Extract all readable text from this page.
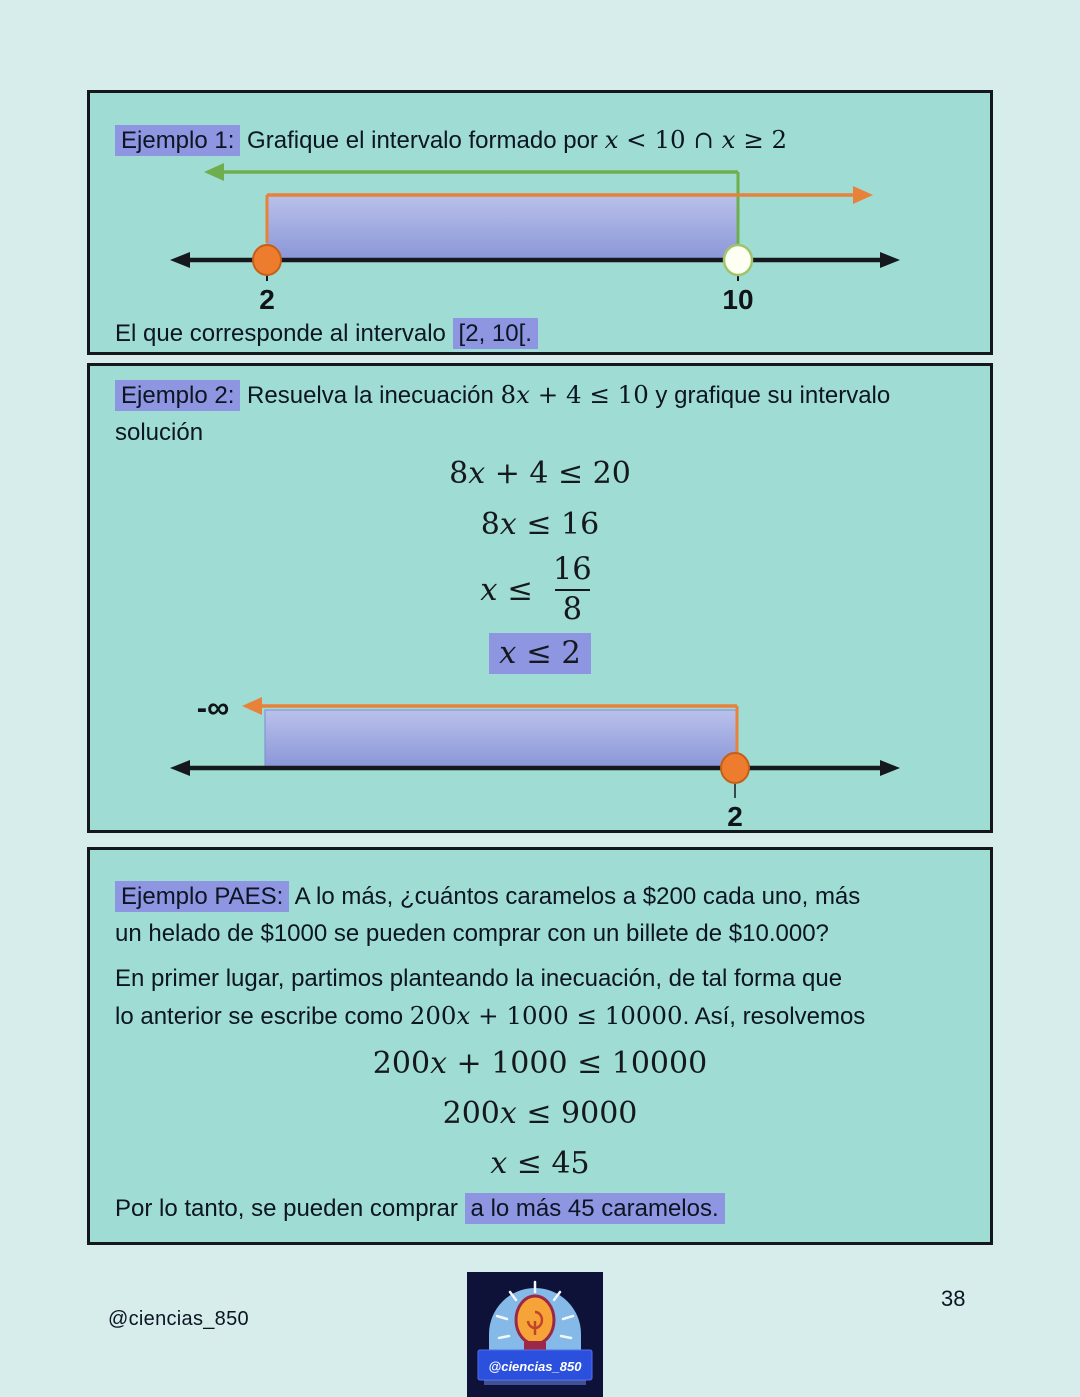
Ejemplo 1: Grafique el intervalo formado por x < 10 ∩ x ≥ 2
2	10
El que corresponde al intervalo [2, 10[.
Ejemplo 2: Resuelva la inecuación 8x + 4 ≤ 10 y grafique su intervalo
solución
8x + 4 ≤ 20
8x ≤ 16
$x \le \frac{16}{8}$
x ≤ 2
-∞
2
Ejemplo PAES: A lo más, ¿cuántos caramelos a $200 cada uno, más
un helado de $1000 se pueden comprar con un billete de $10.000?
En primer lugar, partimos planteando la inecuación, de tal forma que
lo anterior se escribe como 200x + 1000 ≤ 10000. Así, resolvemos
200x + 1000 ≤ 10000
200x ≤ 9000
x ≤ 45
Por lo tanto, se pueden comprar a lo más 45 caramelos.
@ciencias_850
38
@ciencias_850
